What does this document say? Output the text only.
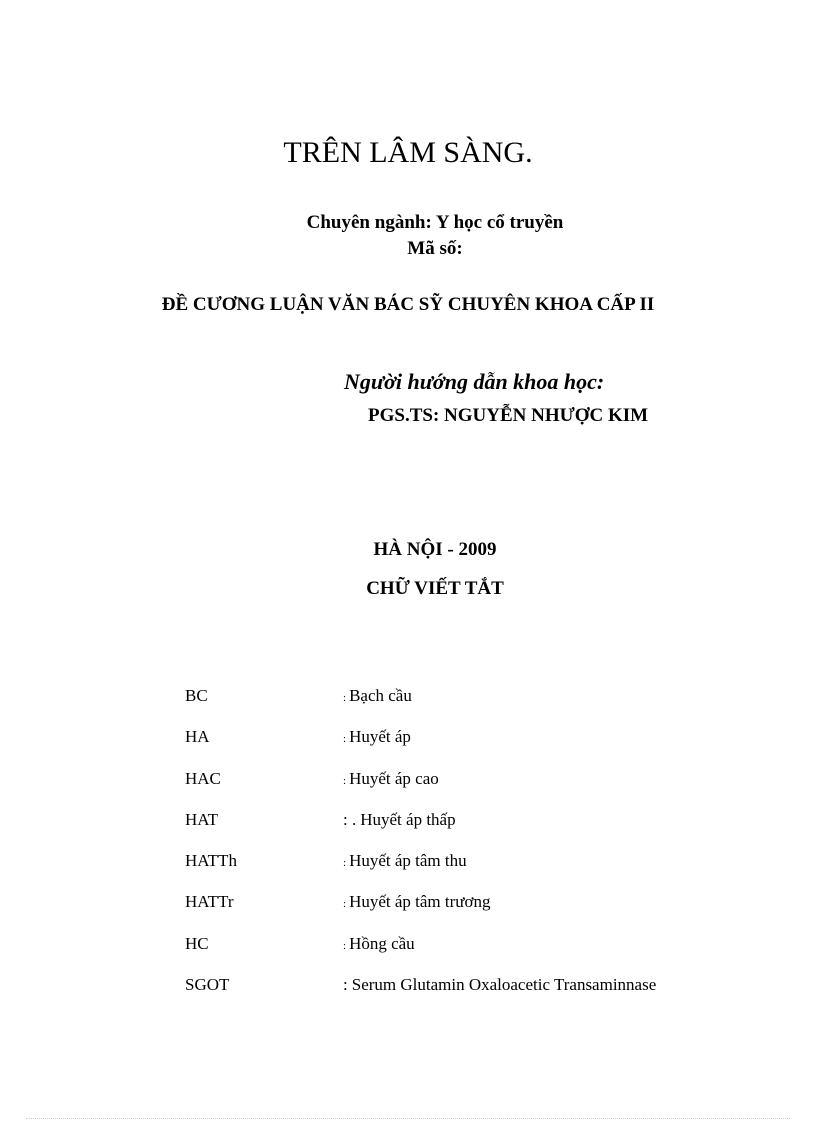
TRÊN LÂM SÀNG.
Chuyên ngành: Y học cổ truyền
Mã số:
ĐỀ CƯƠNG LUẬN VĂN BÁC SỸ CHUYÊN KHOA CẤP II
Người hướng dẫn khoa học:
PGS.TS: NGUYỄN NHƯỢC KIM
HÀ NỘI - 2009
CHỮ VIẾT TẮT
BC	: Bạch cầu
HA	: Huyết áp
HAC	: Huyết áp cao
HAT	: . Huyết áp thấp
HATTh	: Huyết áp tâm thu
HATTr	: Huyết áp tâm trương
HC	: Hồng cầu
SGOT	: Serum Glutamin Oxaloacetic Transaminnase
